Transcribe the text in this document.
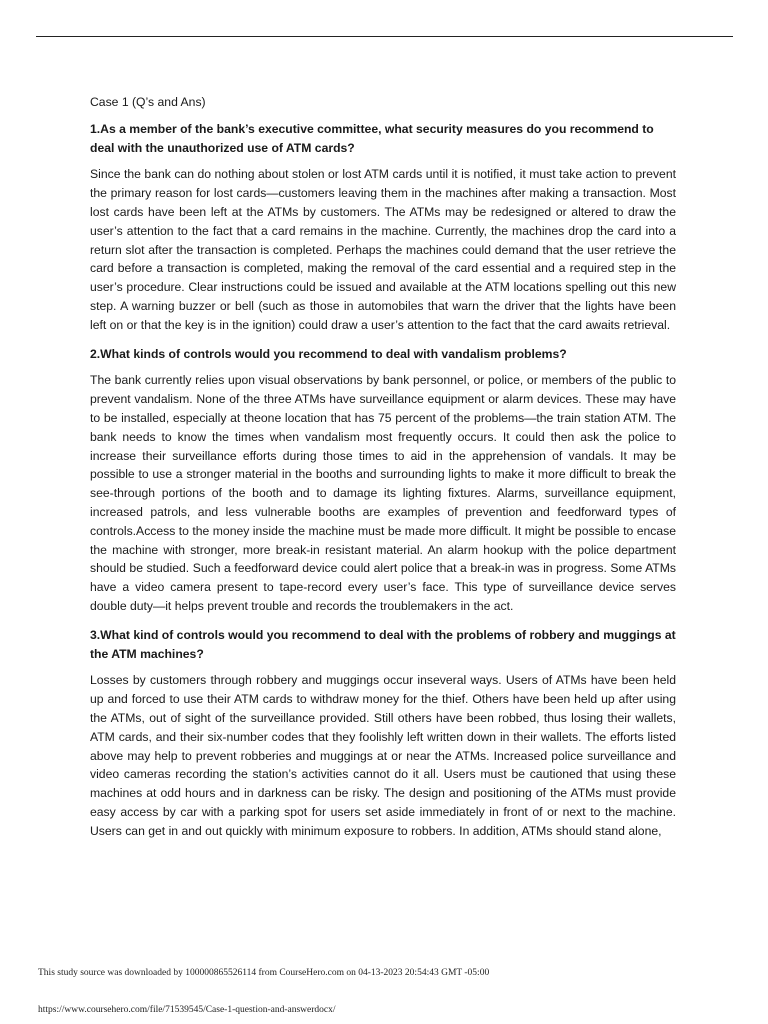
Case 1 (Q’s and Ans)

1.As a member of the bank’s executive committee, what security measures do you recommend to deal with the unauthorized use of ATM cards?

Since the bank can do nothing about stolen or lost ATM cards until it is notified, it must take action to prevent the primary reason for lost cards—customers leaving them in the machines after making a transaction. Most lost cards have been left at the ATMs by customers. The ATMs may be redesigned or altered to draw the user’s attention to the fact that a card remains in the machine. Currently, the machines drop the card into a return slot after the transaction is completed. Perhaps the machines could demand that the user retrieve the card before a transaction is completed, making the removal of the card essential and a required step in the user’s procedure. Clear instructions could be issued and available at the ATM locations spelling out this new step. A warning buzzer or bell (such as those in automobiles that warn the driver that the lights have been left on or that the key is in the ignition) could draw a user’s attention to the fact that the card awaits retrieval.

2.What kinds of controls would you recommend to deal with vandalism problems?

The bank currently relies upon visual observations by bank personnel, or police, or members of the public to prevent vandalism. None of the three ATMs have surveillance equipment or alarm devices. These may have to be installed, especially at theone location that has 75 percent of the problems—the train station ATM. The bank needs to know the times when vandalism most frequently occurs. It could then ask the police to increase their surveillance efforts during those times to aid in the apprehension of vandals. It may be possible to use a stronger material in the booths and surrounding lights to make it more difficult to break the see-through portions of the booth and to damage its lighting fixtures. Alarms, surveillance equipment, increased patrols, and less vulnerable booths are examples of prevention and feedforward types of controls.Access to the money inside the machine must be made more difficult. It might be possible to encase the machine with stronger, more break-in resistant material. An alarm hookup with the police department should be studied. Such a feedforward device could alert police that a break-in was in progress. Some ATMs have a video camera present to tape-record every user’s face. This type of surveillance device serves double duty—it helps prevent trouble and records the troublemakers in the act.

3.What kind of controls would you recommend to deal with the problems of robbery and muggings at the ATM machines?

Losses by customers through robbery and muggings occur inseveral ways. Users of ATMs have been held up and forced to use their ATM cards to withdraw money for the thief. Others have been held up after using the ATMs, out of sight of the surveillance provided. Still others have been robbed, thus losing their wallets, ATM cards, and their six-number codes that they foolishly left written down in their wallets. The efforts listed above may help to prevent robberies and muggings at or near the ATMs. Increased police surveillance and video cameras recording the station’s activities cannot do it all. Users must be cautioned that using these machines at odd hours and in darkness can be risky. The design and positioning of the ATMs must provide easy access by car with a parking spot for users set aside immediately in front of or next to the machine. Users can get in and out quickly with minimum exposure to robbers. In addition, ATMs should stand alone,

This study source was downloaded by 100000865526114 from CourseHero.com on 04-13-2023 20:54:43 GMT -05:00
https://www.coursehero.com/file/71539545/Case-1-question-and-answerdocx/
